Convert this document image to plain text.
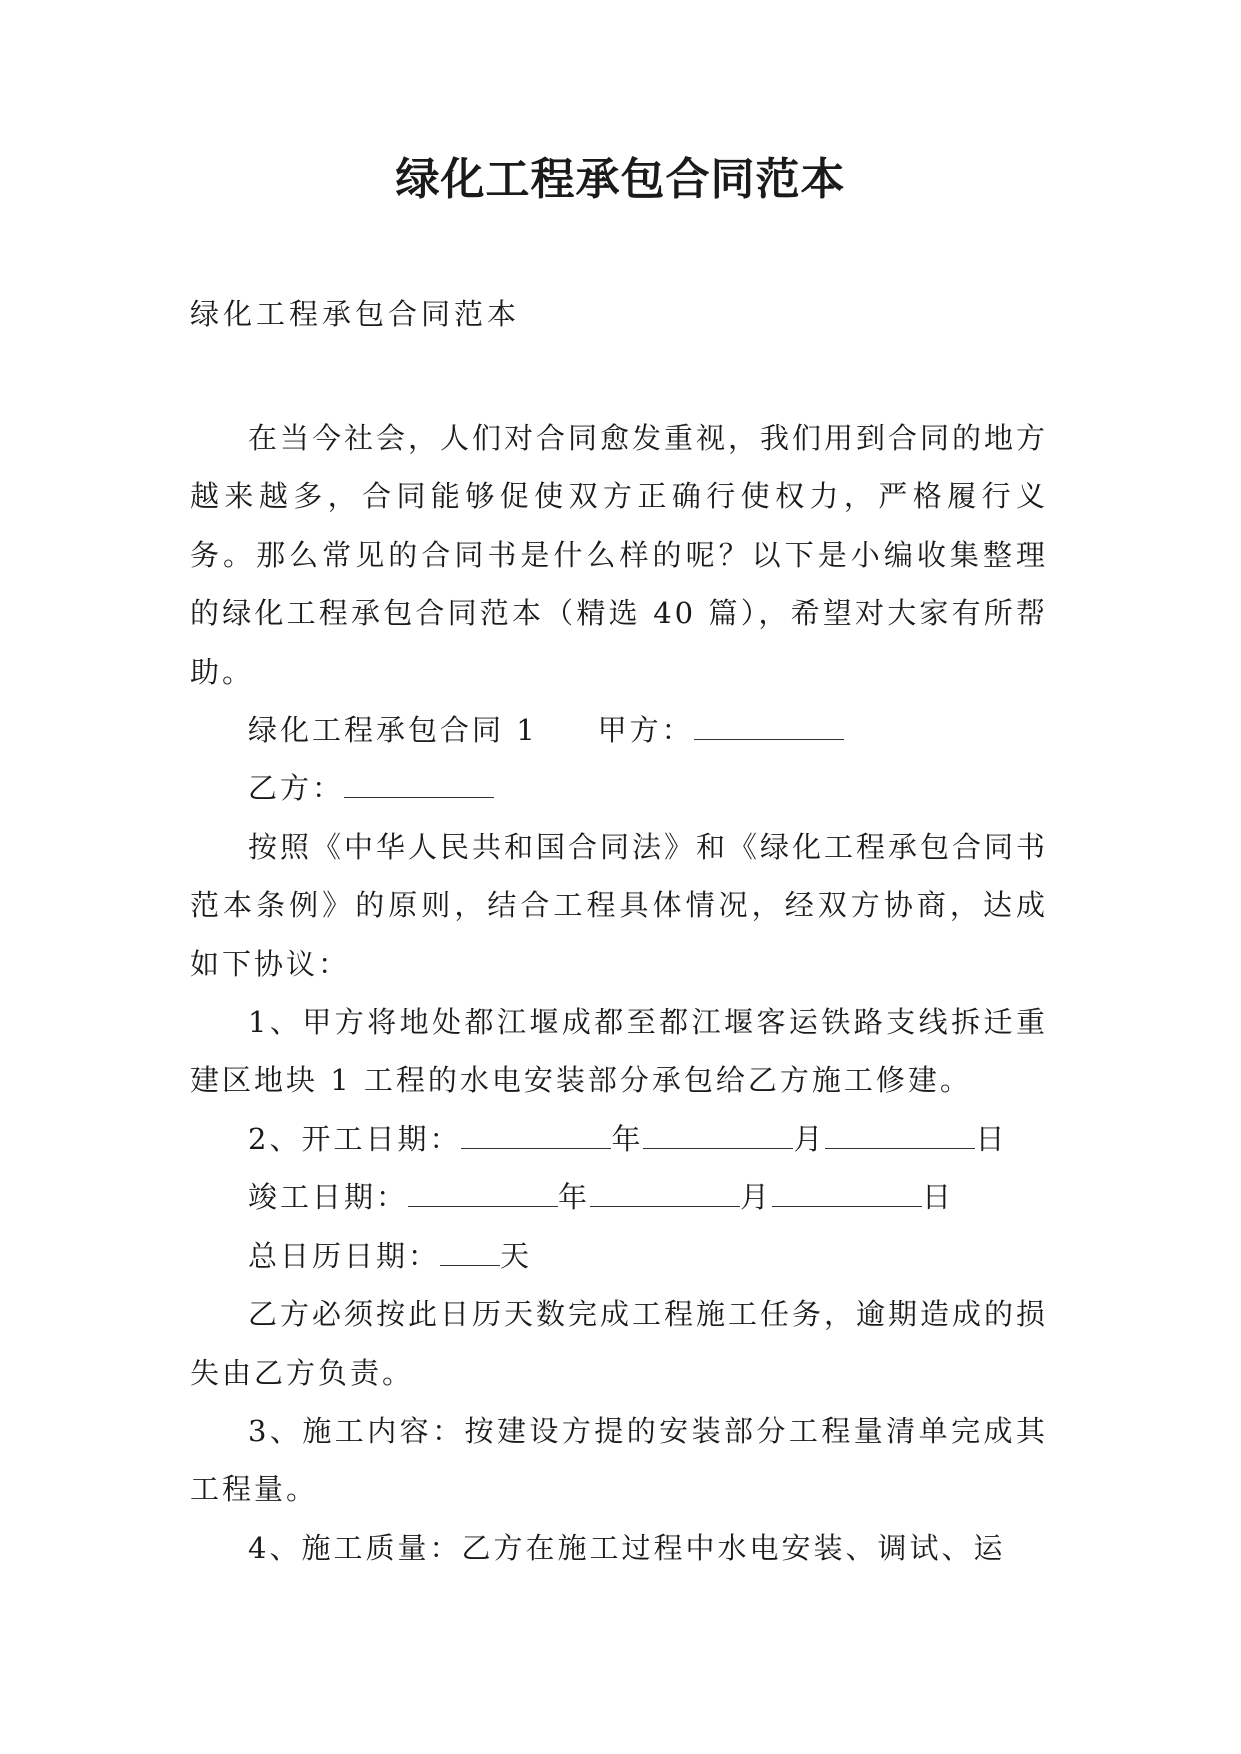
绿化工程承包合同范本
绿化工程承包合同范本

在当今社会，人们对合同愈发重视，我们用到合同的地方越来越多，合同能够促使双方正确行使权力，严格履行义务。那么常见的合同书是什么样的呢？以下是小编收集整理的绿化工程承包合同范本（精选 40 篇），希望对大家有所帮助。

绿化工程承包合同 1 甲方：
乙方：

按照《中华人民共和国合同法》和《绿化工程承包合同书范本条例》的原则，结合工程具体情况，经双方协商，达成如下协议：

1、甲方将地处都江堰成都至都江堰客运铁路支线拆迁重建区地块 1 工程的水电安装部分承包给乙方施工修建。

2、开工日期：	年	月	日
竣工日期：	年	月	日
总日历日期： 天

乙方必须按此日历天数完成工程施工任务，逾期造成的损失由乙方负责。

3、施工内容：按建设方提的安装部分工程量清单完成其工程量。

4、施工质量：乙方在施工过程中水电安装、调试、运
